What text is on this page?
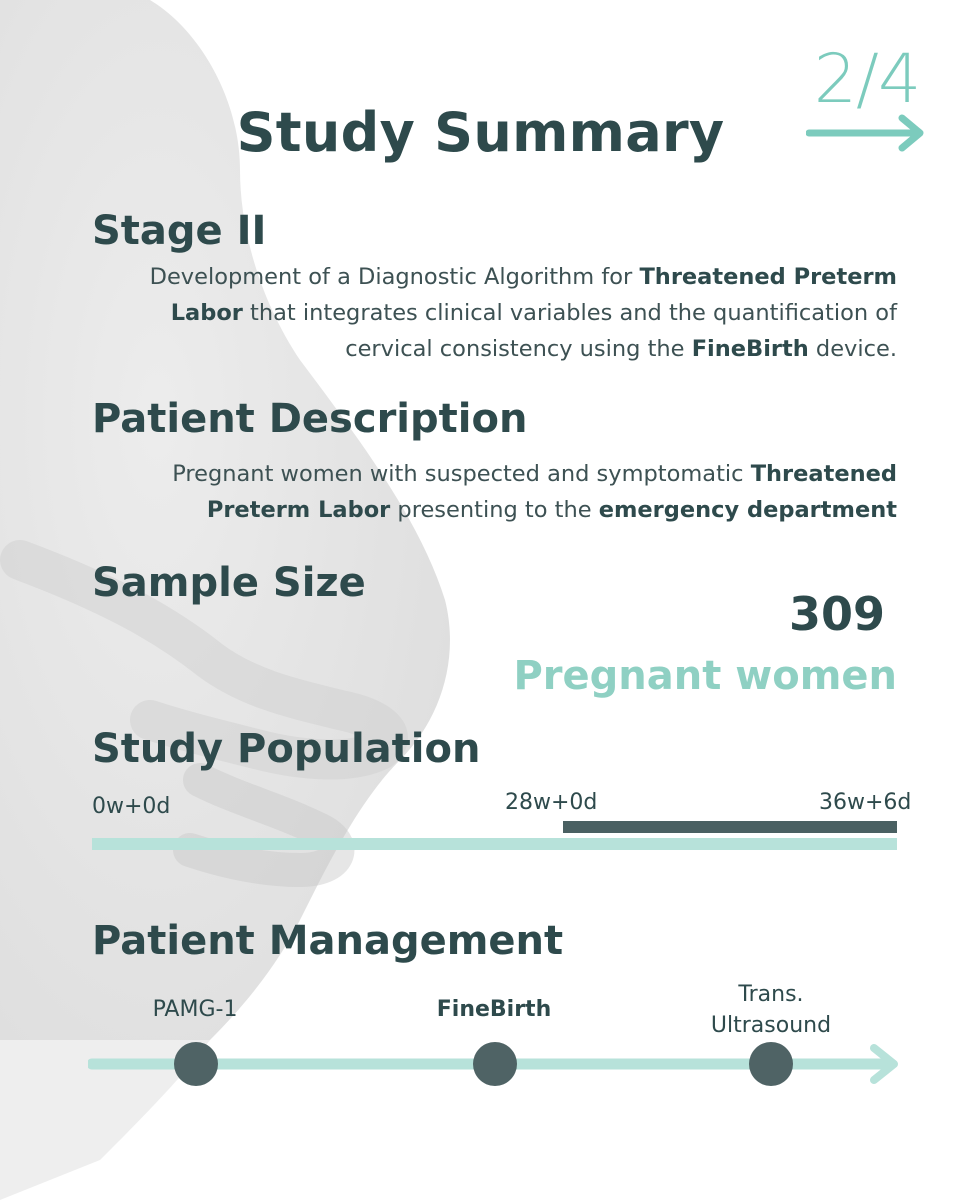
2/4
Study Summary
Stage II
Development of a Diagnostic Algorithm for Threatened Preterm
Labor that integrates clinical variables and the quantification of
cervical consistency using the FineBirth device.
Patient Description
Pregnant women with suspected and symptomatic Threatened
Preterm Labor presenting to the emergency department
Sample Size
309
Pregnant women
Study Population
0w+0d	28w+0d	36w+6d
Patient Management
PAMG-1	FineBirth
Trans.
Ultrasound
